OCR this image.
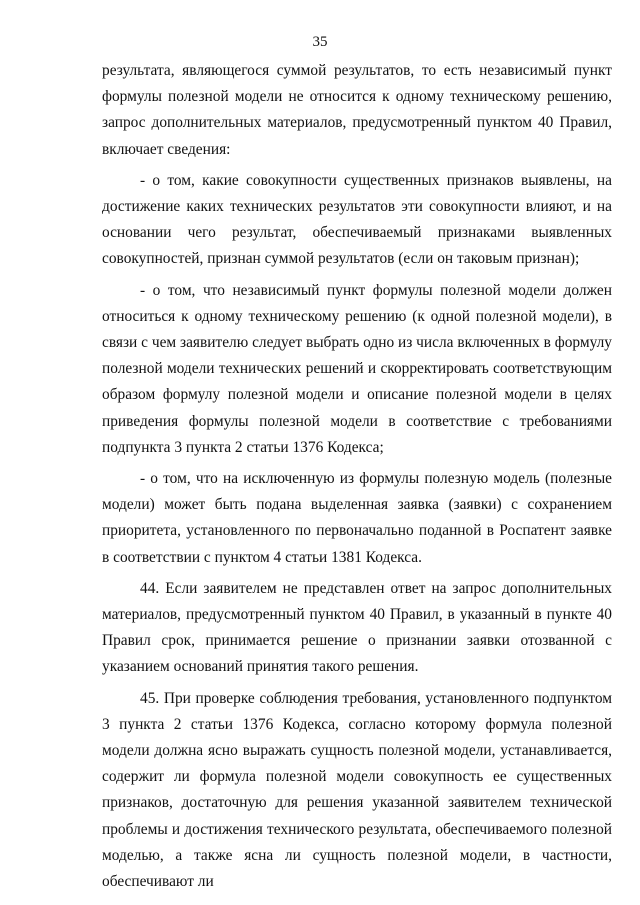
35

результата, являющегося суммой результатов, то есть независимый пункт формулы полезной модели не относится к одному техническому решению, запрос дополнительных материалов, предусмотренный пунктом 40 Правил, включает сведения:

- о том, какие совокупности существенных признаков выявлены, на достижение каких технических результатов эти совокупности влияют, и на основании чего результат, обеспечиваемый признаками выявленных совокупностей, признан суммой результатов (если он таковым признан);

- о том, что независимый пункт формулы полезной модели должен относиться к одному техническому решению (к одной полезной модели), в связи с чем заявителю следует выбрать одно из числа включенных в формулу полезной модели технических решений и скорректировать соответствующим образом формулу полезной модели и описание полезной модели в целях приведения формулы полезной модели в соответствие с требованиями подпункта 3 пункта 2 статьи 1376 Кодекса;

- о том, что на исключенную из формулы полезную модель (полезные модели) может быть подана выделенная заявка (заявки) с сохранением приоритета, установленного по первоначально поданной в Роспатент заявке в соответствии с пунктом 4 статьи 1381 Кодекса.

44. Если заявителем не представлен ответ на запрос дополнительных материалов, предусмотренный пунктом 40 Правил, в указанный в пункте 40 Правил срок, принимается решение о признании заявки отозванной с указанием оснований принятия такого решения.

45. При проверке соблюдения требования, установленного подпунктом 3 пункта 2 статьи 1376 Кодекса, согласно которому формула полезной модели должна ясно выражать сущность полезной модели, устанавливается, содержит ли формула полезной модели совокупность ее существенных признаков, достаточную для решения указанной заявителем технической проблемы и достижения технического результата, обеспечиваемого полезной моделью, а также ясна ли сущность полезной модели, в частности, обеспечивают ли
